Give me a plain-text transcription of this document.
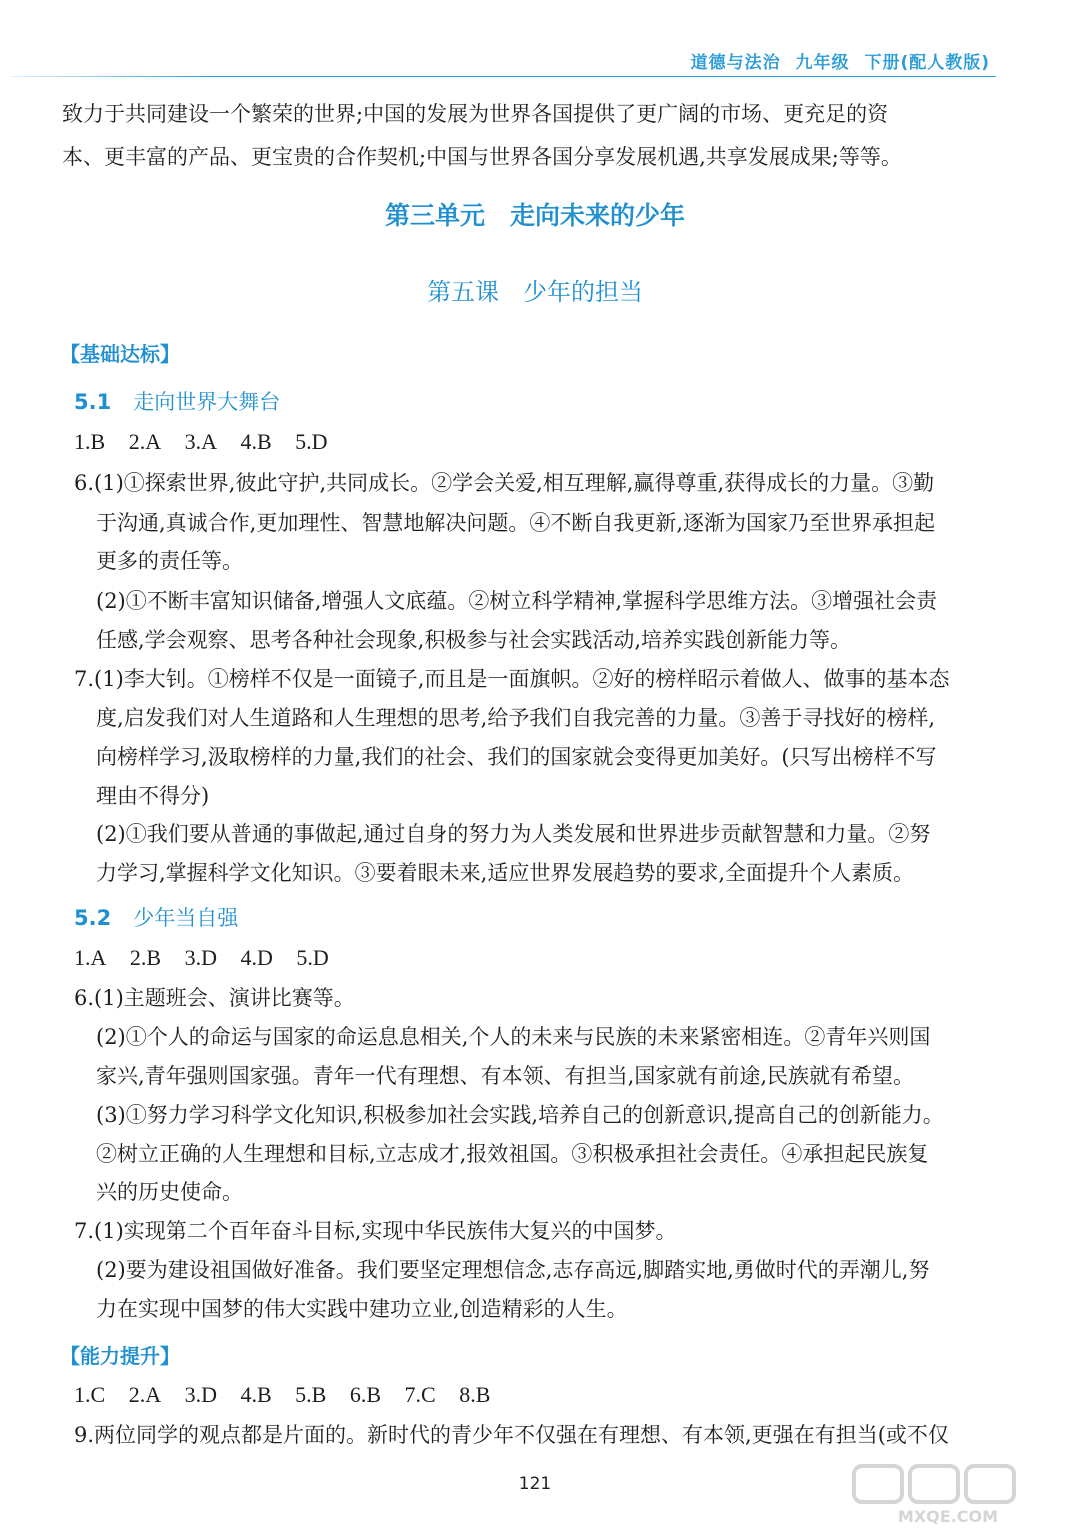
道德与法治 九年级 下册(配人教版)
致力于共同建设一个繁荣的世界;中国的发展为世界各国提供了更广阔的市场、更充足的资
本、更丰富的产品、更宝贵的合作契机;中国与世界各国分享发展机遇,共享发展成果;等等。
第三单元　走向未来的少年
第五课　少年的担当
【基础达标】
5.1 走向世界大舞台
1.B 2.A 3.A 4.B 5.D
6.(1)①探索世界,彼此守护,共同成长。②学会关爱,相互理解,赢得尊重,获得成长的力量。③勤
于沟通,真诚合作,更加理性、智慧地解决问题。④不断自我更新,逐渐为国家乃至世界承担起
更多的责任等。
(2)①不断丰富知识储备,增强人文底蕴。②树立科学精神,掌握科学思维方法。③增强社会责
任感,学会观察、思考各种社会现象,积极参与社会实践活动,培养实践创新能力等。
7.(1)李大钊。①榜样不仅是一面镜子,而且是一面旗帜。②好的榜样昭示着做人、做事的基本态
度,启发我们对人生道路和人生理想的思考,给予我们自我完善的力量。③善于寻找好的榜样,
向榜样学习,汲取榜样的力量,我们的社会、我们的国家就会变得更加美好。(只写出榜样不写
理由不得分)
(2)①我们要从普通的事做起,通过自身的努力为人类发展和世界进步贡献智慧和力量。②努
力学习,掌握科学文化知识。③要着眼未来,适应世界发展趋势的要求,全面提升个人素质。
5.2 少年当自强
1.A 2.B 3.D 4.D 5.D
6.(1)主题班会、演讲比赛等。
(2)①个人的命运与国家的命运息息相关,个人的未来与民族的未来紧密相连。②青年兴则国
家兴,青年强则国家强。青年一代有理想、有本领、有担当,国家就有前途,民族就有希望。
(3)①努力学习科学文化知识,积极参加社会实践,培养自己的创新意识,提高自己的创新能力。
②树立正确的人生理想和目标,立志成才,报效祖国。③积极承担社会责任。④承担起民族复
兴的历史使命。
7.(1)实现第二个百年奋斗目标,实现中华民族伟大复兴的中国梦。
(2)要为建设祖国做好准备。我们要坚定理想信念,志存高远,脚踏实地,勇做时代的弄潮儿,努
力在实现中国梦的伟大实践中建功立业,创造精彩的人生。
【能力提升】
1.C 2.A 3.D 4.B 5.B 6.B 7.C 8.B
9.两位同学的观点都是片面的。新时代的青少年不仅强在有理想、有本领,更强在有担当(或不仅
121
MXQE.COM
